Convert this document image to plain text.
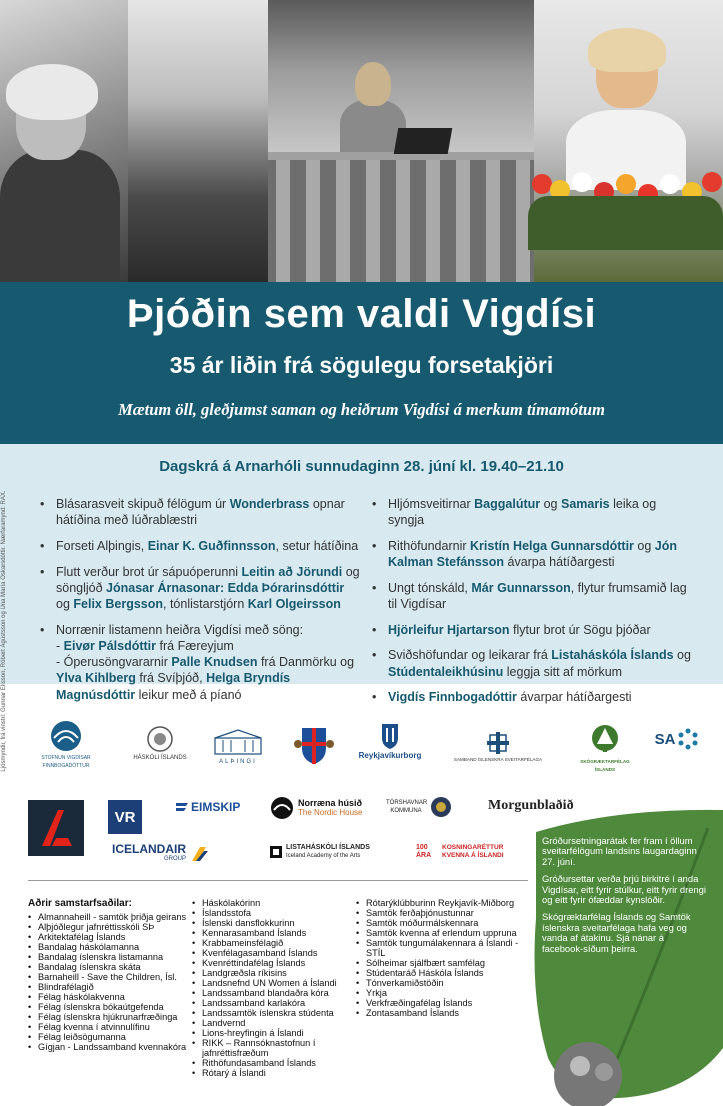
Þjóðin sem valdi Vigdísi
35 ár liðin frá sögulegu forsetakjöri
Mætum öll, gleðjumst saman og heiðrum Vigdísi á merkum tímamótum
Dagskrá á Arnarhóli sunnudaginn 28. júní kl. 19.40–21.10
• Blásarasveit skipuð félögum úr Wonderbrass opnar hátíðina með lúðrablæstri
• Forseti Alþingis, Einar K. Guðfinnsson, setur hátíðina
• Flutt verður brot úr sápuóperunni Leitin að Jörundi og söngljóð Jónasar Árnasonar: Edda Þórarinsdóttir og Felix Bergsson, tónlistarstjórn Karl Olgeirsson
• Norrænir listamenn heiðra Vigdísi með söng:
- Eivør Pálsdóttir frá Færeyjum
- Óperusöngvararnir Palle Knudsen frá Danmörku og Ylva Kihlberg frá Svíþjóð, Helga Bryndís Magnúsdóttir leikur með á píanó
• Hljómsveitirnar Baggalútur og Samaris leika og syngja
• Rithöfundarnir Kristín Helga Gunnarsdóttir og Jón Kalman Stefánsson ávarpa hátíðargesti
• Ungt tónskáld, Már Gunnarsson, flytur frumsamið lag til Vigdísar
• Hjörleifur Hjartarson flytur brot úr Sögu þjóðar
• Sviðshöfundar og leikarar frá Listaháskóla Íslands og Stúdentaleikhúsinu leggja sitt af mörkum
• Vigdís Finnbogadóttir ávarpar hátíðargesti
Ljósmyndir, frá vinstri: Gunnar Elísson, Róbert Ágústsson og Una María Óskarsdóttir. Nærfaramynd: RAX.	STOFNUN VIGDÍSAR FINNBOGADÓTTUR
HÁSKÓLI ÍSLANDS
ALÞINGI
Reykjavíkurborg	SAMBAND ÍSLENSKRA SVEITARFÉLAGA	SKÓGRÆKTARFÉLAG ÍSLANDS
SA
VR
EIMSKIP	Norræna húsið
The Nordic House
TÓRSHAVNAR KOMMUNA	Morgunblaðið
ICELANDAIR
GROUP
LISTAHÁSKÓLI ÍSLANDS
Iceland Academy of the Arts
100 ÁRA
KOSNINGARÉTTUR KVENNA Á ÍSLANDI
Aðrir samstarfsaðilar:
• Almannaheill - samtök þriðja geirans
• Alþjóðlegur jafnréttisskóli SÞ
• Arkitektafélag Íslands
• Bandalag háskólamanna
• Bandalag íslenskra listamanna
• Bandalag íslenskra skáta
• Barnaheill - Save the Children, Ísl.
• Blindrafélagið
• Félag háskólakvenna
• Félag íslenskra bókaútgefenda
• Félag íslenskra hjúkrunarfræðinga
• Félag kvenna í atvinnulífinu
• Félag leiðsögumanna
• Gígjan - Landssamband kvennakóra
• Háskólakórinn
• Íslandsstofa
• Íslenski dansflokkurinn
• Kennarasamband Íslands
• Krabbameinsfélagið
• Kvenfélagasamband Íslands
• Kvenréttindafélag Íslands
• Landgræðsla ríkisins
• Landsnefnd UN Women á Íslandi
• Landssamband blandaðra kóra
• Landssamband karlakóra
• Landssamtök íslenskra stúdenta
• Landvernd
• Lions-hreyfingin á Íslandi
• RIKK – Rannsóknastofnun í jafnréttisfræðum
• Rithöfundasamband Íslands
• Rótarý á Íslandi
• Rótarýklúbburinn Reykjavík-Miðborg
• Samtök ferðaþjónustunnar
• Samtök móðurmálskennara
• Samtök kvenna af erlendum uppruna
• Samtök tungumálakennara á Íslandi - STÍL
• Sólheimar sjálfbært samfélag
• Stúdentaráð Háskóla Íslands
• Tónverkamiðstöðin
• Yrkja
• Verkfræðingafélag Íslands
• Zontasamband Íslands

Gróðursetningarátak fer fram í öllum sveitarfélögum landsins laugardaginn 27. júní.

Gróðursettar verða þrjú birkitré í anda Vigdísar, eitt fyrir stúlkur, eitt fyrir drengi og eitt fyrir ófæddar kynslóðir.

Skógræktarfélag Íslands og Samtök íslenskra sveitarfélaga hafa veg og vanda af átakinu. Sjá nánar á facebook-síðum þeirra.
